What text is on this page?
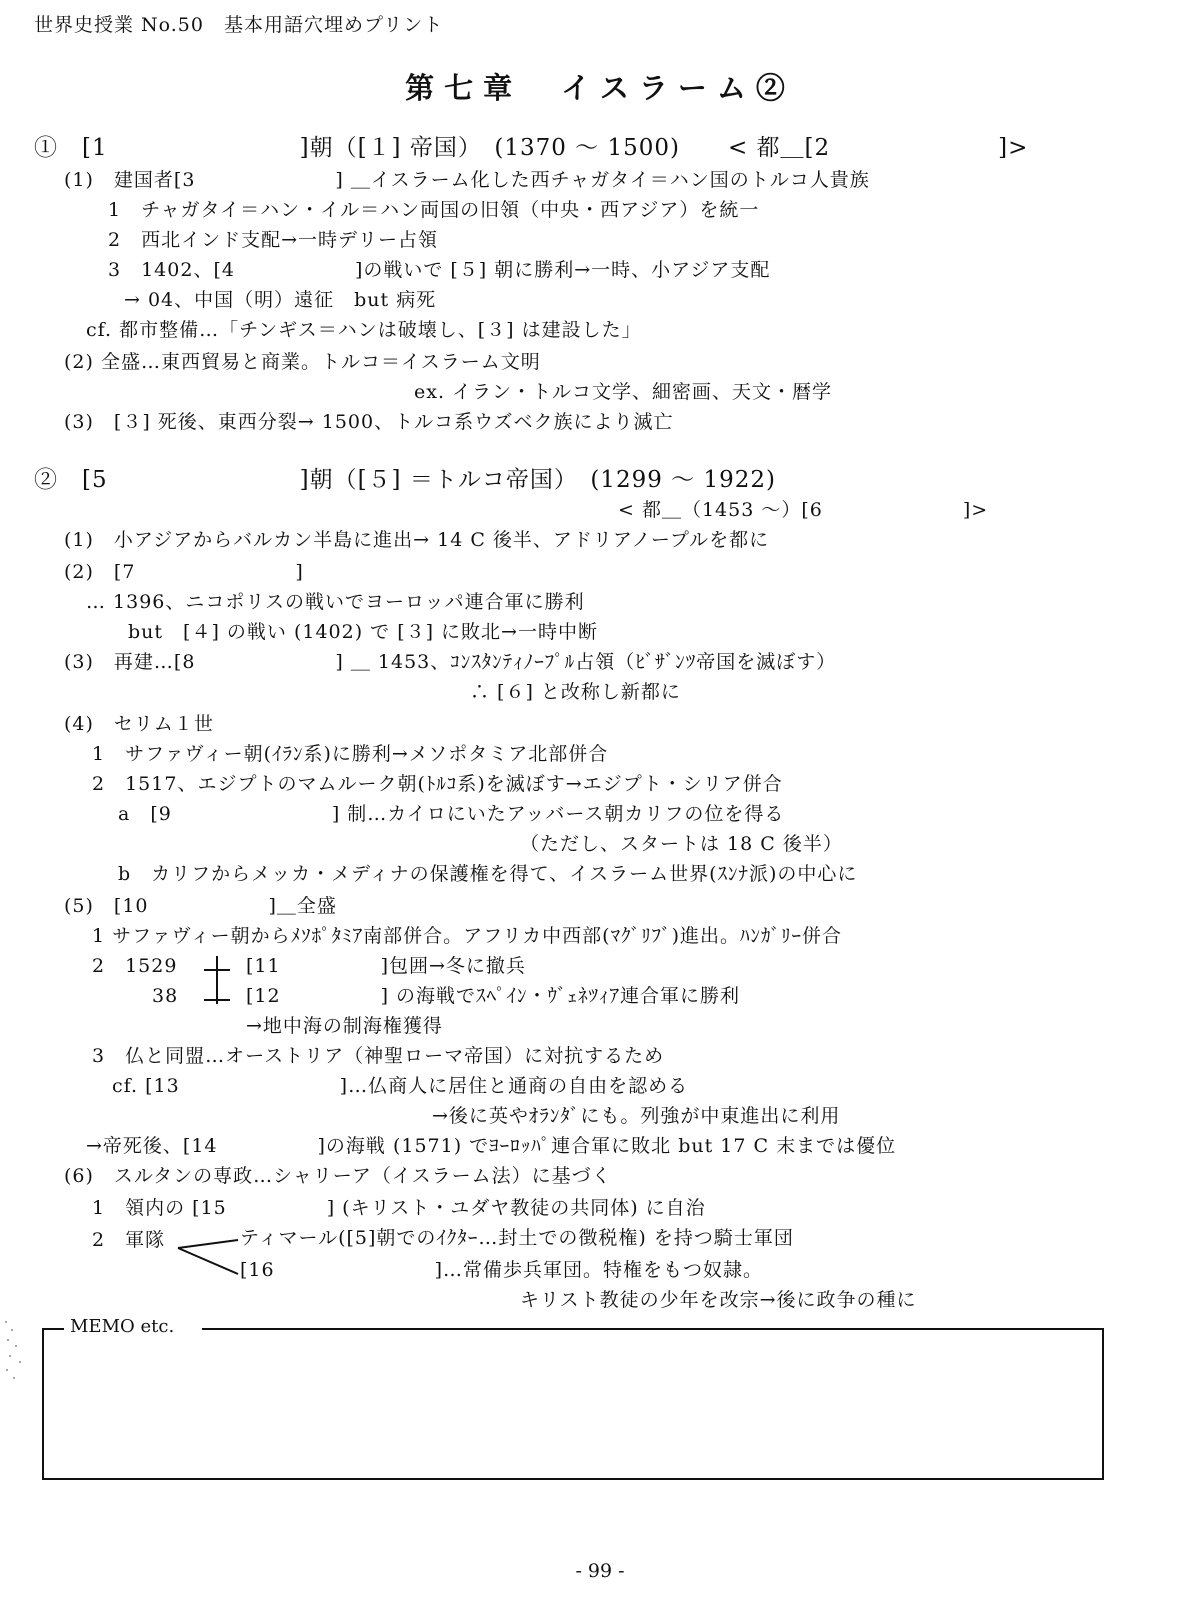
世界史授業 No.50　基本用語穴埋めプリント
第七章　イスラーム②
①　[1　　　　　　　　]朝（[１] 帝国）　(1370 ～ 1500)　　< 都＿[2　　　　　　　]>
(1)　建国者[3　　　　　　　] ＿イスラーム化した西チャガタイ＝ハン国のトルコ人貴族
1　チャガタイ＝ハン・イル＝ハン両国の旧領（中央・西アジア）を統一
2　西北インド支配→一時デリー占領
3　1402、[4　　　　　　]の戦いで [５] 朝に勝利→一時、小アジア支配
→ 04、中国（明）遠征　but 病死
cf. 都市整備…「チンギス＝ハンは破壊し、[３] は建設した」
(2) 全盛…東西貿易と商業。トルコ＝イスラーム文明
ex. イラン・トルコ文学、細密画、天文・暦学
(3)　[３] 死後、東西分裂→ 1500、トルコ系ウズベク族により滅亡
②　[5　　　　　　　　]朝（[５] ＝トルコ帝国）　(1299 ～ 1922)
< 都＿（1453 ～）[6　　　　　　　]>
(1)　小アジアからバルカン半島に進出→ 14 C 後半、アドリアノープルを都に
(2)　[7　　　　　　　　]
… 1396、ニコポリスの戦いでヨーロッパ連合軍に勝利
but　[４] の戦い (1402) で [３] に敗北→一時中断
(3)　再建…[8　　　　　　　] ＿ 1453、ｺﾝｽﾀﾝﾃｨﾉｰﾌﾟﾙ占領（ﾋﾞｻﾞﾝﾂ帝国を滅ぼす）
∴ [６] と改称し新都に
(4)　セリム１世
1　サファヴィー朝(ｲﾗﾝ系)に勝利→メソポタミア北部併合
2　1517、エジプトのマムルーク朝(ﾄﾙｺ系)を滅ぼす→エジプト・シリア併合
a　[9　　　　　　　　] 制…カイロにいたアッバース朝カリフの位を得る
（ただし、スタートは 18 C 後半）
b　カリフからメッカ・メディナの保護権を得て、イスラーム世界(ｽﾝﾅ派)の中心に
(5)　[10　　　　　　]＿全盛
1 サファヴィー朝からﾒｿﾎﾟﾀﾐｱ南部併合。アフリカ中西部(ﾏｸﾞﾘﾌﾞ)進出。ﾊﾝｶﾞﾘｰ併合
2　1529	[11　　　　　]包囲→冬に撤兵
38	[12　　　　　] の海戦でｽﾍﾟｲﾝ・ｳﾞｪﾈﾂｨｱ連合軍に勝利
→地中海の制海権獲得
3　仏と同盟…オーストリア（神聖ローマ帝国）に対抗するため
cf. [13　　　　　　　　]…仏商人に居住と通商の自由を認める
→後に英やｵﾗﾝﾀﾞにも。列強が中東進出に利用
→帝死後、[14　　　　　]の海戦 (1571) でﾖｰﾛｯﾊﾟ連合軍に敗北 but 17 C 末までは優位
(6)　スルタンの専政…シャリーア（イスラーム法）に基づく
1　領内の [15　　　　　] (キリスト・ユダヤ教徒の共同体) に自治
2　軍隊	ティマール([5]朝でのｲｸﾀｰ…封土での徴税権) を持つ騎士軍団
[16　　　　　　　　]…常備歩兵軍団。特権をもつ奴隷。
キリスト教徒の少年を改宗→後に政争の種に
MEMO etc.
- 99 -
